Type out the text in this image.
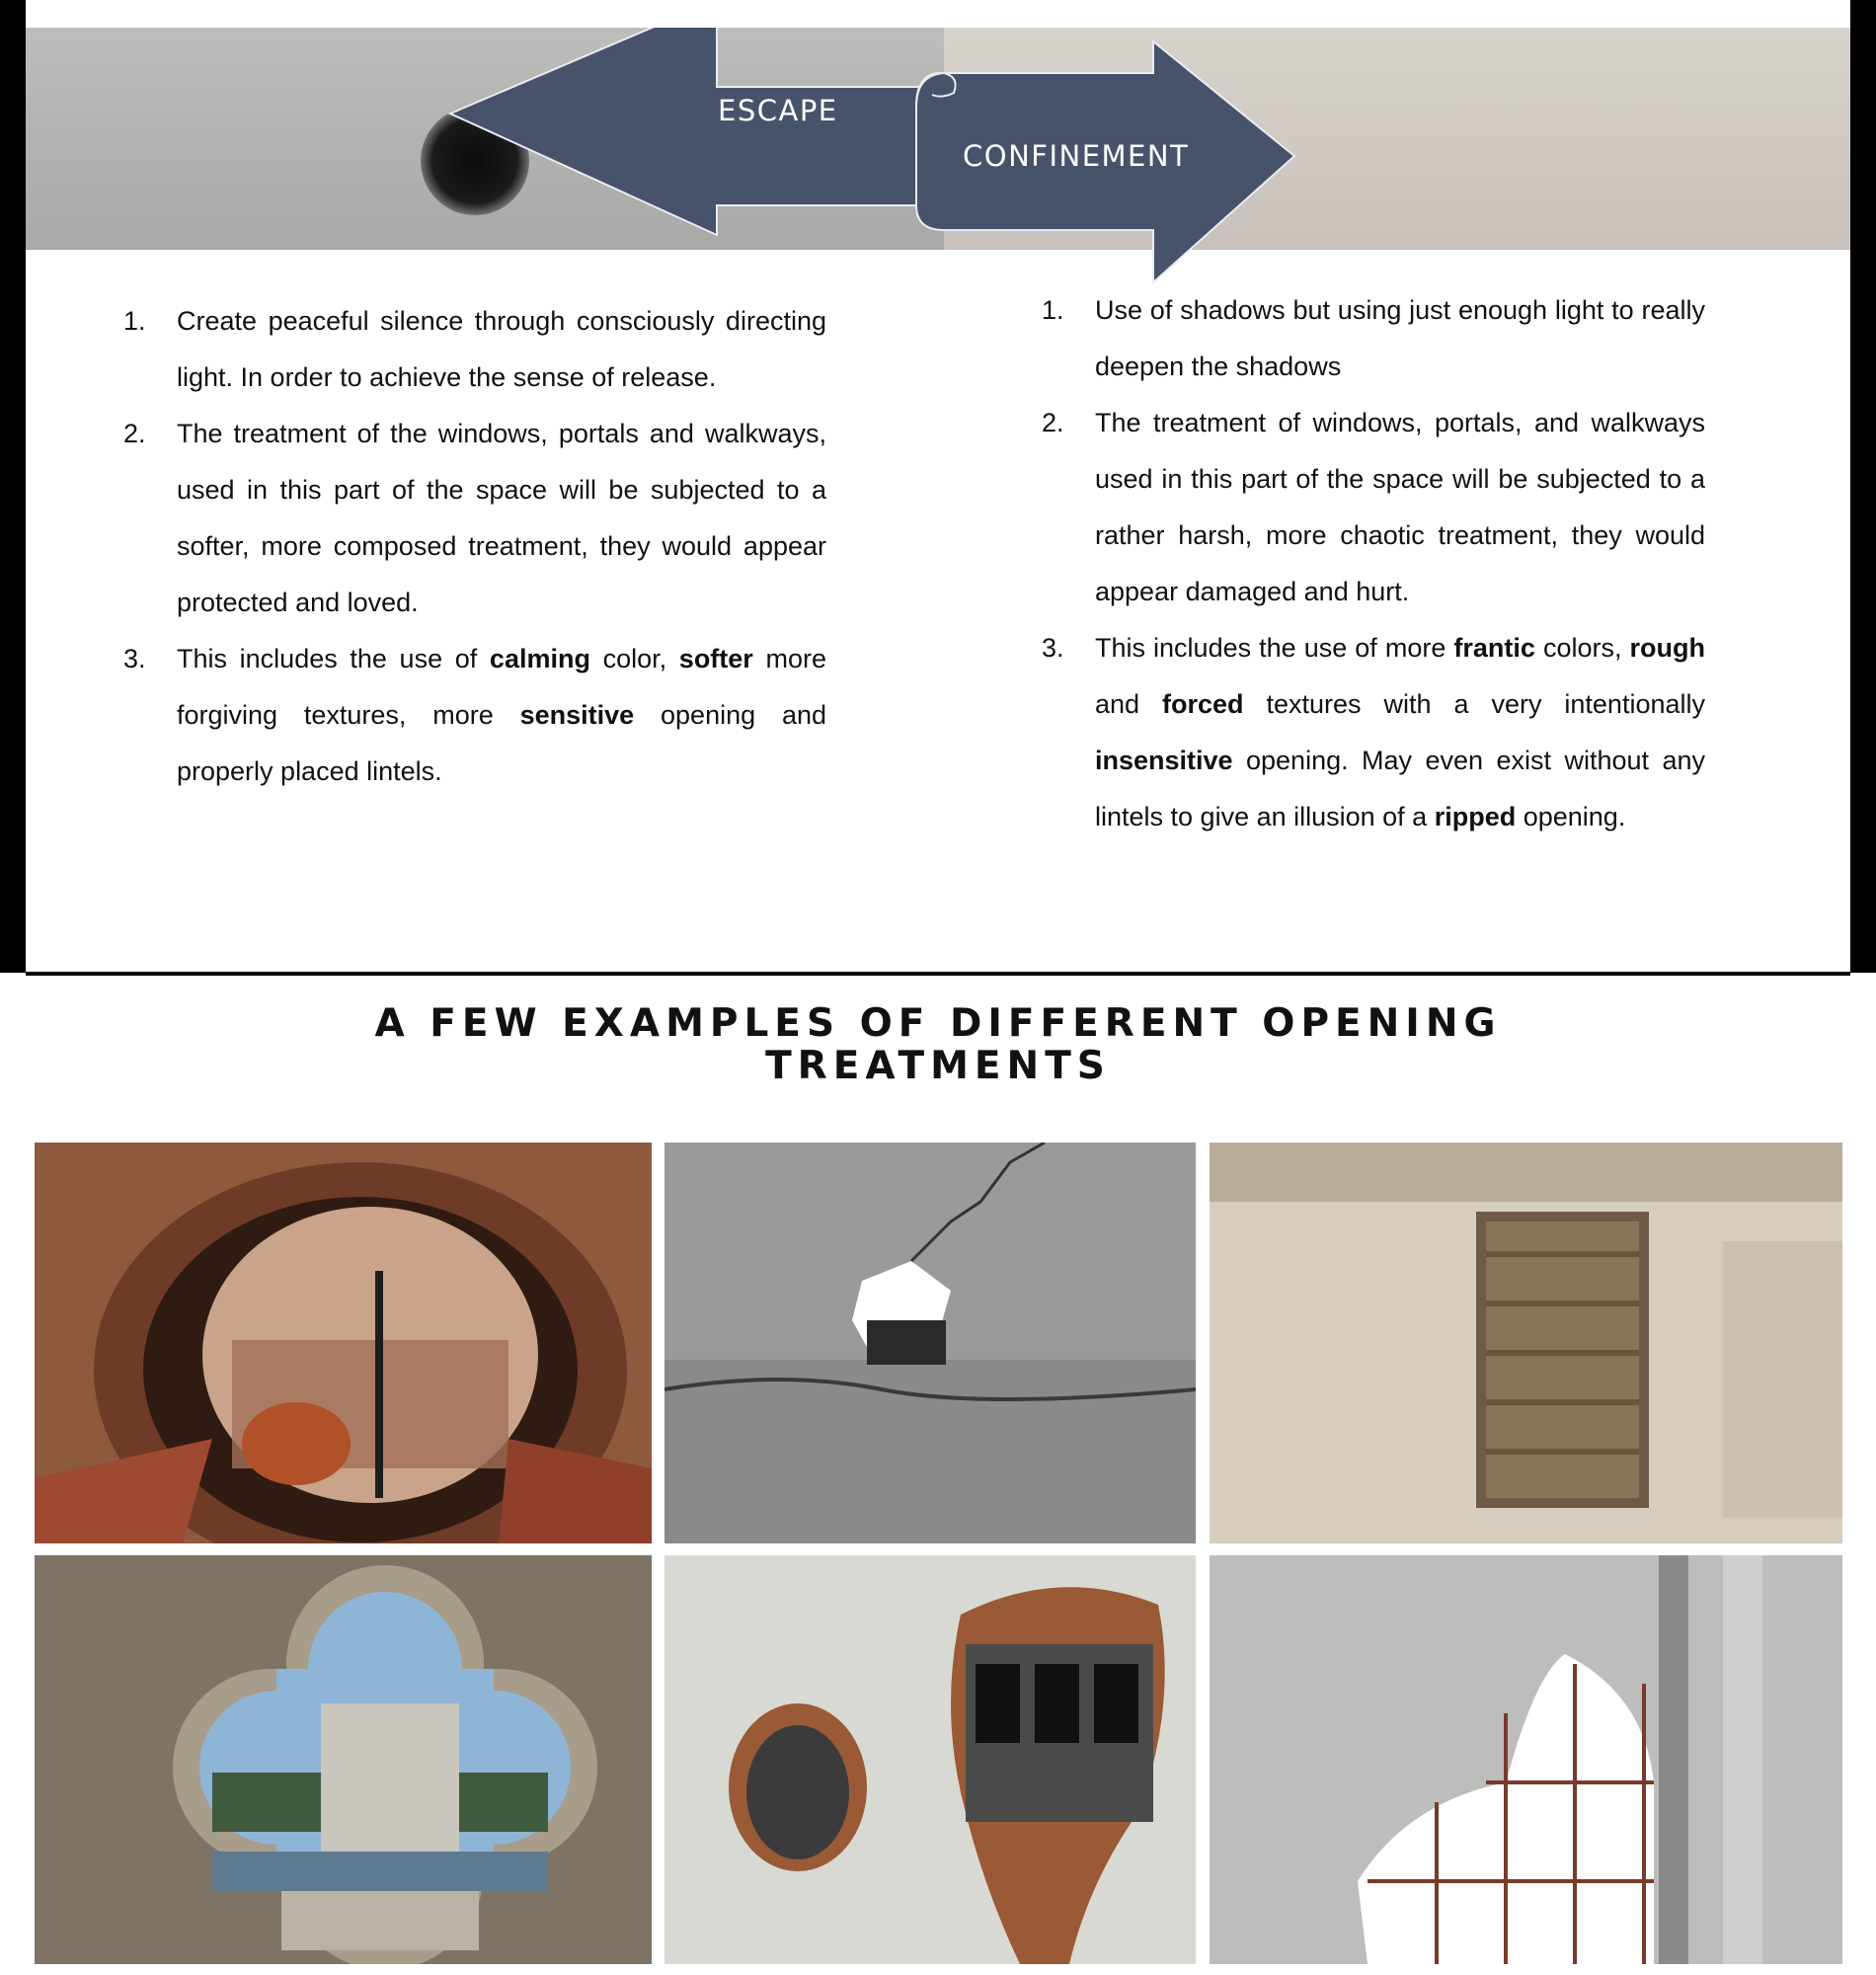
ESCAPE
CONFINEMENT
1. Create peaceful silence through consciously directing light. In order to achieve the sense of release.
2. The treatment of the windows, portals and walkways, used in this part of the space will be subjected to a softer, more composed treatment, they would appear protected and loved.
3. This includes the use of calming color, softer more forgiving textures, more sensitive opening and properly placed lintels.
1. Use of shadows but using just enough light to really deepen the shadows
2. The treatment of windows, portals, and walkways used in this part of the space will be subjected to a rather harsh, more chaotic treatment, they would appear damaged and hurt.
3. This includes the use of more frantic colors, rough and forced textures with a very intentionally insensitive opening. May even exist without any lintels to give an illusion of a ripped opening.
A FEW EXAMPLES OF DIFFERENT OPENING
TREATMENTS
